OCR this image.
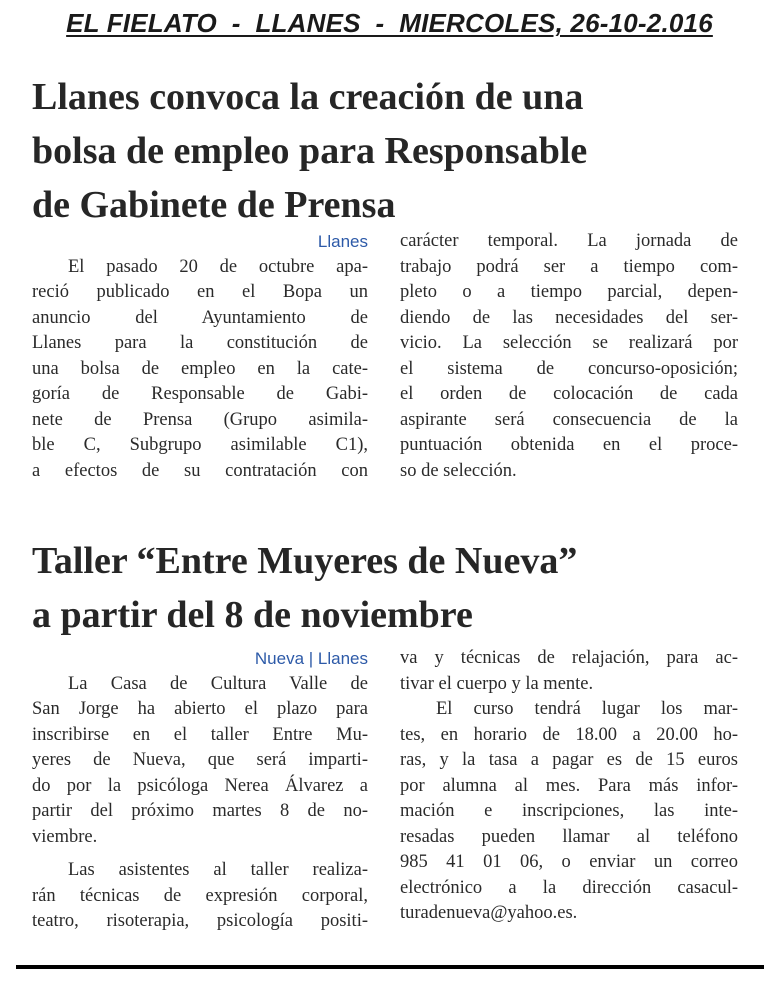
EL FIELATO  -  LLANES  -  MIERCOLES, 26-10-2.016
Llanes convoca la creación de una
bolsa de empleo para Responsable
de Gabinete de Prensa
Llanes
El pasado 20 de octubre apa-
reció publicado en el Bopa un
anuncio del Ayuntamiento de
Llanes para la constitución de
una bolsa de empleo en la cate-
goría de Responsable de Gabi-
nete de Prensa (Grupo asimila-
ble C, Subgrupo asimilable C1),
a efectos de su contratación con
carácter temporal. La jornada de
trabajo podrá ser a tiempo com-
pleto o a tiempo parcial, depen-
diendo de las necesidades del ser-
vicio. La selección se realizará por
el sistema de concurso-oposición;
el orden de colocación de cada
aspirante será consecuencia de la
puntuación obtenida en el proce-
so de selección.
Taller “Entre Muyeres de Nueva”
a partir del 8 de noviembre
Nueva | Llanes
La Casa de Cultura Valle de
San Jorge ha abierto el plazo para
inscribirse en el taller Entre Mu-
yeres de Nueva, que será imparti-
do por la psicóloga Nerea Álvarez a
partir del próximo martes 8 de no-
viembre.
Las asistentes al taller realiza-
rán técnicas de expresión corporal,
teatro, risoterapia, psicología positi-
va y técnicas de relajación, para ac-
tivar el cuerpo y la mente.
El curso tendrá lugar los mar-
tes, en horario de 18.00 a 20.00 ho-
ras, y la tasa a pagar es de 15 euros
por alumna al mes. Para más infor-
mación e inscripciones, las inte-
resadas pueden llamar al teléfono
985 41 01 06, o enviar un correo
electrónico a la dirección casacul-
turadenueva@yahoo.es.
